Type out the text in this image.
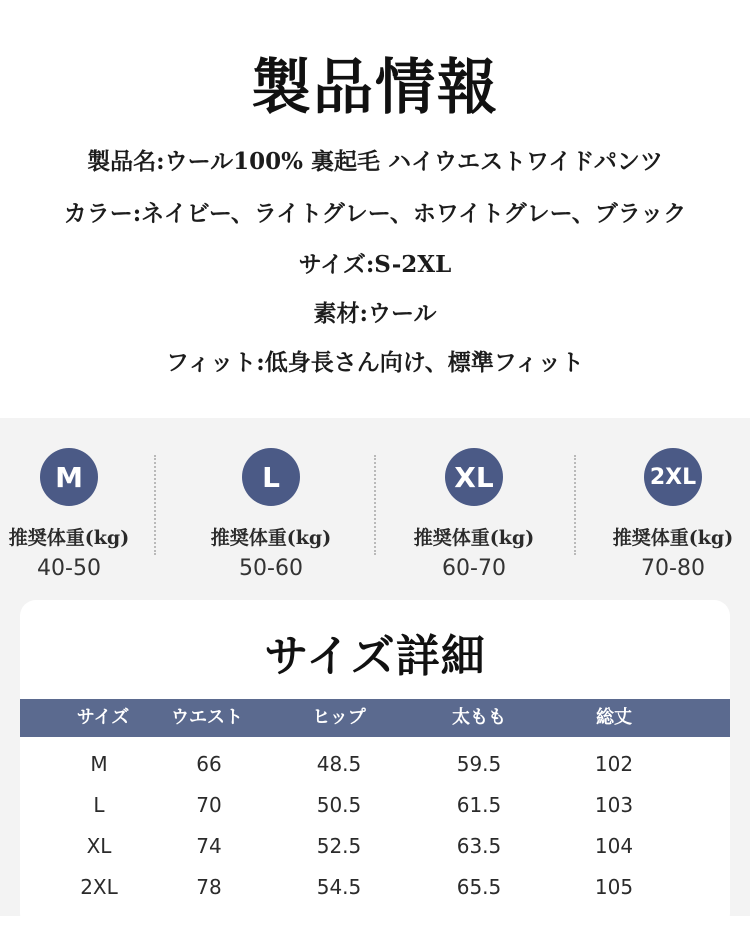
製品情報
製品名:ウール100% 裏起毛 ハイウエストワイドパンツ
カラー:ネイビー、ライトグレー、ホワイトグレー、ブラック
サイズ:S-2XL
素材:ウール
フィット:低身長さん向け、標準フィット
M
推奨体重(kg)
40-50
L
推奨体重(kg)
50-60
XL
推奨体重(kg)
60-70
2XL
推奨体重(kg)
70-80
サイズ詳細
サイズ	ウエスト	ヒップ	太もも	総丈
M	66	48.5	59.5	102
L	70	50.5	61.5	103
XL	74	52.5	63.5	104
2XL	78	54.5	65.5	105
